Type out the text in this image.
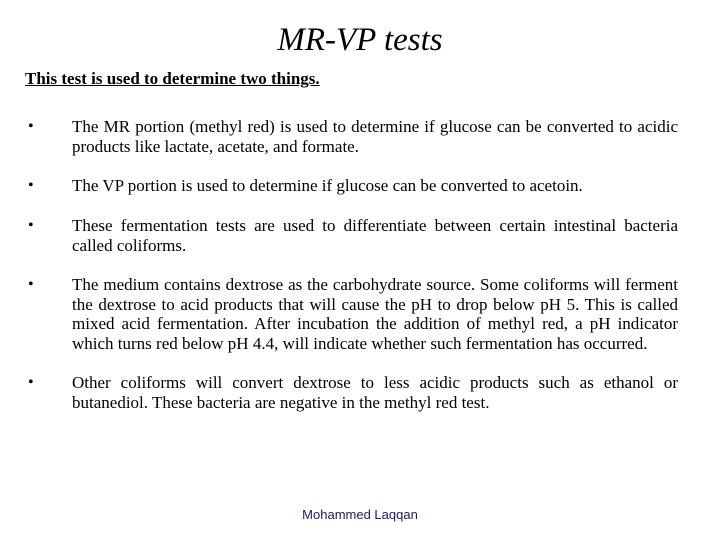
MR-VP tests
This test is used to determine two things.
•	The MR portion (methyl red) is used to determine if glucose can be converted to acidic products like lactate, acetate, and formate.
•	The VP portion is used to determine if glucose can be converted to acetoin.
•	These fermentation tests are used to differentiate between certain intestinal bacteria called coliforms.
•	The medium contains dextrose as the carbohydrate source. Some coliforms will ferment the dextrose to acid products that will cause the pH to drop below pH 5. This is called mixed acid fermentation. After incubation the addition of methyl red, a pH indicator which turns red below pH 4.4, will indicate whether such fermentation has occurred.
•	Other coliforms will convert dextrose to less acidic products such as ethanol or butanediol. These bacteria are negative in the methyl red test.
Mohammed Laqqan
